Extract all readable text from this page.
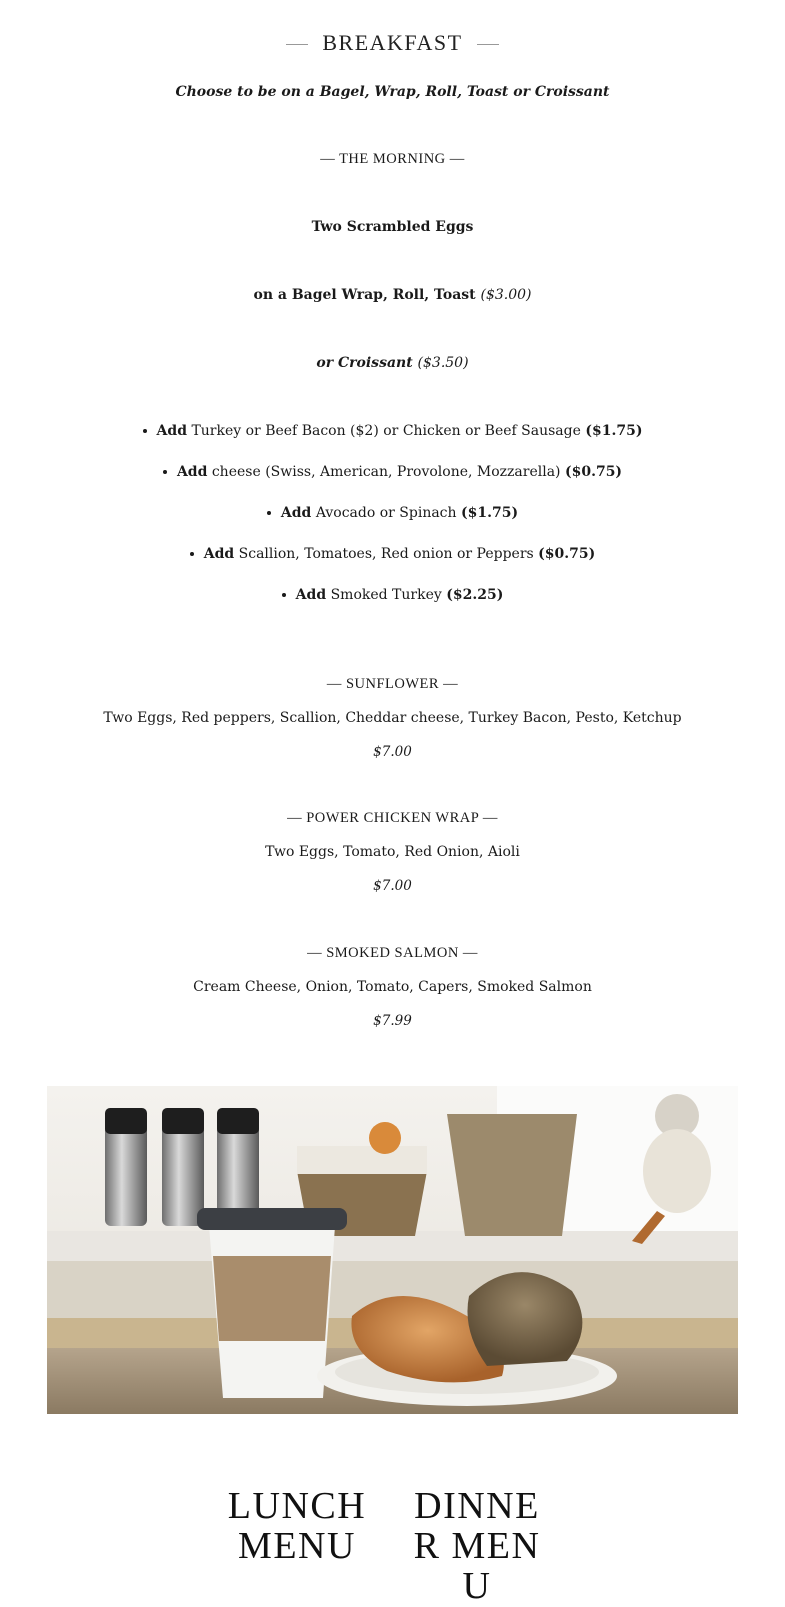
BREAKFAST
Choose to be on a Bagel, Wrap, Roll, Toast or Croissant
— THE MORNING —
Two Scrambled Eggs
on a Bagel Wrap, Roll, Toast ($3.00)
or Croissant ($3.50)
Add Turkey or Beef Bacon ($2) or Chicken or Beef Sausage ($1.75)
Add cheese (Swiss, American, Provolone, Mozzarella) ($0.75)
Add Avocado or Spinach ($1.75)
Add Scallion, Tomatoes, Red onion or Peppers ($0.75)
Add Smoked Turkey ($2.25)
— SUNFLOWER —
Two Eggs, Red peppers, Scallion, Cheddar cheese, Turkey Bacon, Pesto, Ketchup
$7.00
— POWER CHICKEN WRAP —
Two Eggs, Tomato, Red Onion, Aioli
$7.00
— SMOKED SALMON —
Cream Cheese, Onion, Tomato, Capers, Smoked Salmon
$7.99
LUNCH MENU
DINNER MENU
